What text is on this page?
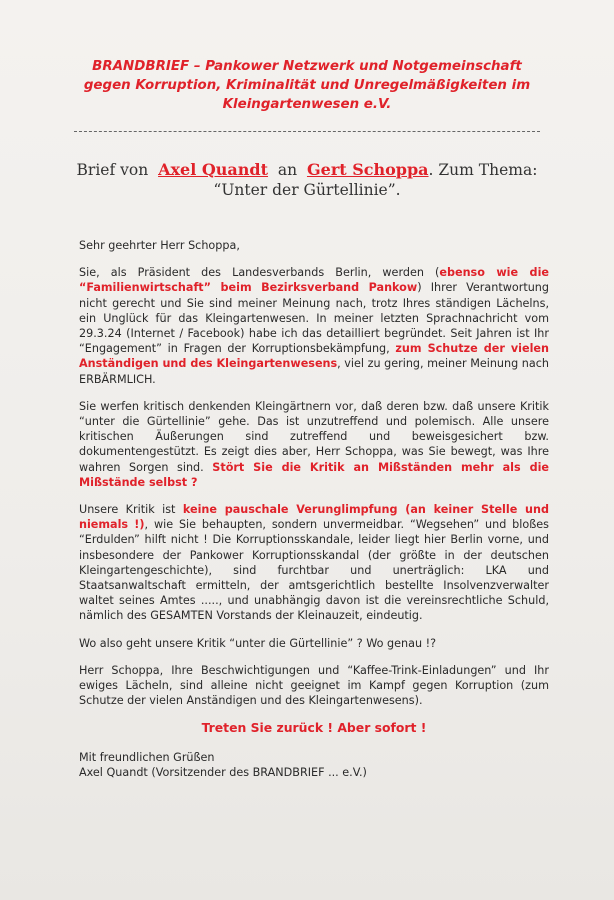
BRANDBRIEF – Pankower Netzwerk und Notgemeinschaft
gegen Korruption, Kriminalität und Unregelmäßigkeiten im
Kleingartenwesen e.V.
Brief von Axel Quandt an Gert Schoppa. Zum Thema:
“Unter der Gürtellinie”.

Sehr geehrter Herr Schoppa,

Sie, als Präsident des Landesverbands Berlin, werden (ebenso wie die “Familienwirtschaft” beim Bezirksverband Pankow) Ihrer Verantwortung nicht gerecht und Sie sind meiner Meinung nach, trotz Ihres ständigen Lächelns, ein Unglück für das Kleingartenwesen. In meiner letzten Sprachnachricht vom 29.3.24 (Internet / Facebook) habe ich das detailliert begründet. Seit Jahren ist Ihr “Engagement” in Fragen der Korruptionsbekämpfung, zum Schutze der vielen Anständigen und des Kleingartenwesens, viel zu gering, meiner Meinung nach ERBÄRMLICH.

Sie werfen kritisch denkenden Kleingärtnern vor, daß deren bzw. daß unsere Kritik “unter die Gürtellinie” gehe. Das ist unzutreffend und polemisch. Alle unsere kritischen Äußerungen sind zutreffend und beweisgesichert bzw. dokumentengestützt. Es zeigt dies aber, Herr Schoppa, was Sie bewegt, was Ihre wahren Sorgen sind. Stört Sie die Kritik an Mißständen mehr als die Mißstände selbst ?

Unsere Kritik ist keine pauschale Verunglimpfung (an keiner Stelle und niemals !), wie Sie behaupten, sondern unvermeidbar. “Wegsehen” und bloßes “Erdulden” hilft nicht ! Die Korruptionsskandale, leider liegt hier Berlin vorne, und insbesondere der Pankower Korruptionsskandal (der größte in der deutschen Kleingartengeschichte), sind furchtbar und unerträglich: LKA und Staatsanwaltschaft ermitteln, der amtsgerichtlich bestellte Insolvenzverwalter waltet seines Amtes ....., und unabhängig davon ist die vereinsrechtliche Schuld, nämlich des GESAMTEN Vorstands der Kleinauzeit, eindeutig.

Wo also geht unsere Kritik “unter die Gürtellinie” ? Wo genau !?

Herr Schoppa, Ihre Beschwichtigungen und “Kaffee-Trink-Einladungen” und Ihr ewiges Lächeln, sind alleine nicht geeignet im Kampf gegen Korruption (zum Schutze der vielen Anständigen und des Kleingartenwesens).

Treten Sie zurück ! Aber sofort !

Mit freundlichen Grüßen

Axel Quandt (Vorsitzender des BRANDBRIEF ... e.V.)
